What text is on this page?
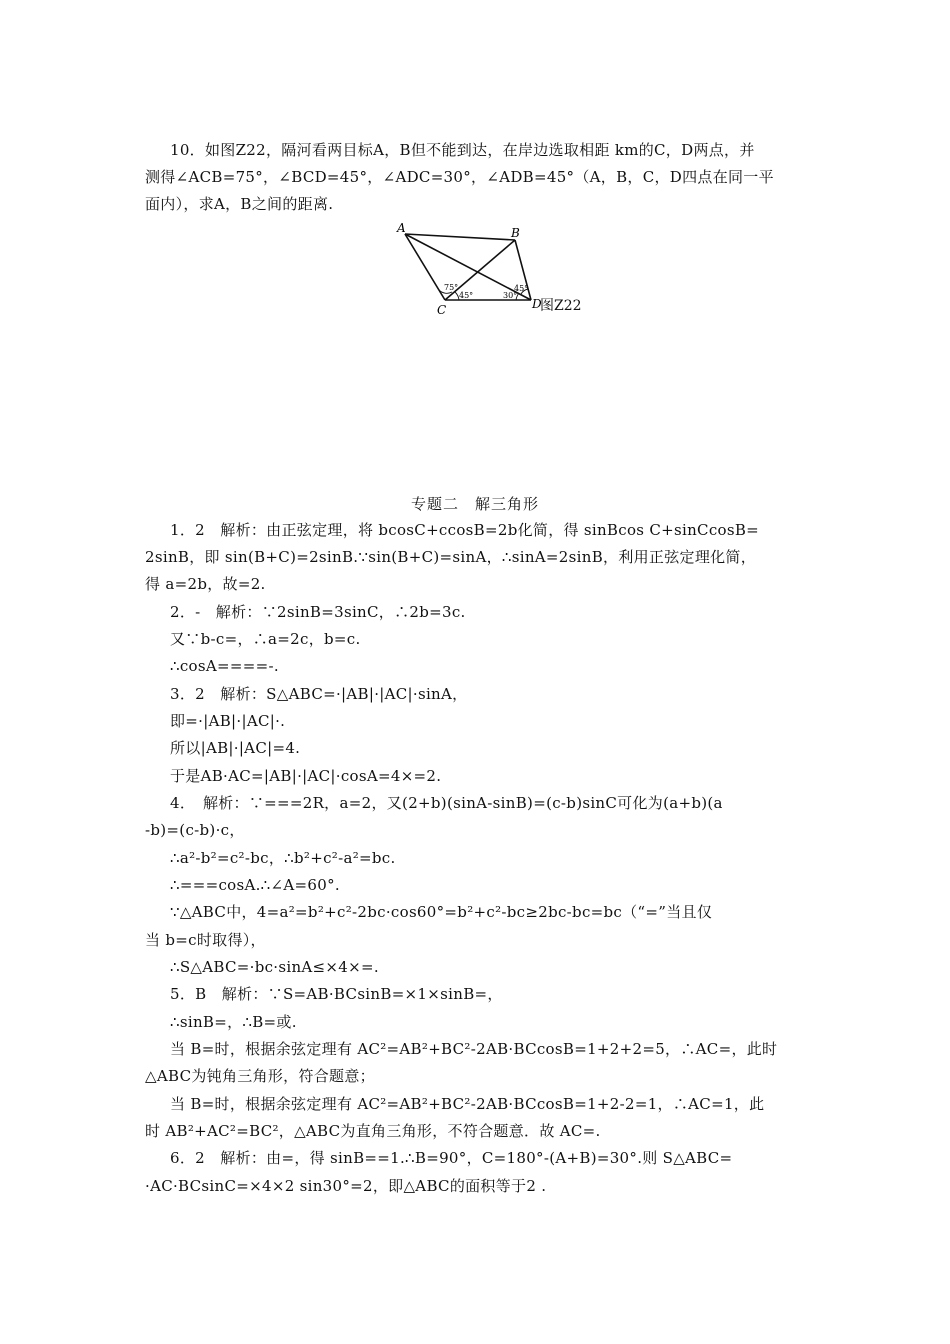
10．如图Z22，隔河看两目标A，B但不能到达，在岸边选取相距 km的C，D两点，并
测得∠ACB=75°，∠BCD=45°，∠ADC=30°，∠ADB=45°（A，B，C，D四点在同一平
面内），求A，B之间的距离.
A	B
C	D
75°
45°	30°
45°
图Z22
专题二　解三角形
1．2　解析：由正弦定理，将 bcosC+ccosB=2b化简，得 sinBcos C+sinCcosB=
2sinB，即 sin(B+C)=2sinB.∵sin(B+C)=sinA，∴sinA=2sinB，利用正弦定理化简，
得 a=2b，故=2.
2．-　解析：∵2sinB=3sinC，∴2b=3c.
又∵b-c=，∴a=2c，b=c.
∴cosA====-.
3．2　解析：S△ABC=·|AB|·|AC|·sinA，
即=·|AB|·|AC|·.
所以|AB|·|AC|=4.
于是AB·AC=|AB|·|AC|·cosA=4×=2.
4．　解析：∵===2R，a=2，又(2+b)(sinA-sinB)=(c-b)sinC可化为(a+b)(a
-b)=(c-b)·c，
∴a²-b²=c²-bc，∴b²+c²-a²=bc.
∴===cosA.∴∠A=60°.
∵△ABC中，4=a²=b²+c²-2bc·cos60°=b²+c²-bc≥2bc-bc=bc（“=”当且仅
当 b=c时取得），
∴S△ABC=·bc·sinA≤×4×=.
5．B　解析：∵S=AB·BCsinB=×1×sinB=，
∴sinB=，∴B=或.
当 B=时，根据余弦定理有 AC²=AB²+BC²-2AB·BCcosB=1+2+2=5，∴AC=，此时
△ABC为钝角三角形，符合题意；
当 B=时，根据余弦定理有 AC²=AB²+BC²-2AB·BCcosB=1+2-2=1，∴AC=1，此
时 AB²+AC²=BC²，△ABC为直角三角形，不符合题意．故 AC=.
6．2　解析：由=，得 sinB==1.∴B=90°，C=180°-(A+B)=30°.则 S△ABC=
·AC·BCsinC=×4×2 sin30°=2，即△ABC的面积等于2 .
